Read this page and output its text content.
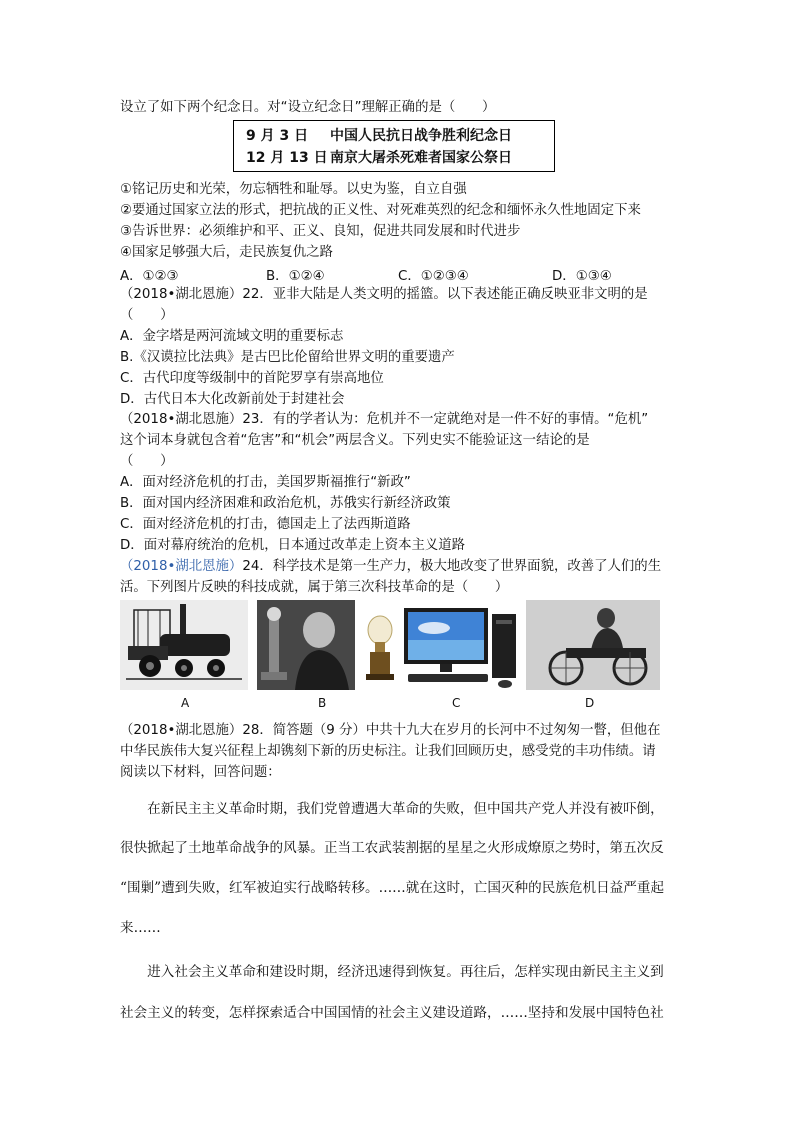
设立了如下两个纪念日。对“设立纪念日”理解正确的是（　　）
9 月 3 日 中国人民抗日战争胜利纪念日
12 月 13 日 南京大屠杀死难者国家公祭日
①铭记历史和光荣，勿忘牺牲和耻辱。以史为鉴，自立自强
②要通过国家立法的形式，把抗战的正义性、对死难英烈的纪念和缅怀永久性地固定下来
③告诉世界：必须维护和平、正义、良知，促进共同发展和时代进步
④国家足够强大后，走民族复仇之路
A．①②③	B．①②④	C．①②③④	D．①③④
（2018•湖北恩施）22．亚非大陆是人类文明的摇篮。以下表述能正确反映亚非文明的是
（　　）
A．金字塔是两河流域文明的重要标志
B.《汉谟拉比法典》是古巴比伦留给世界文明的重要遗产
C．古代印度等级制中的首陀罗享有崇高地位
D．古代日本大化改新前处于封建社会
（2018•湖北恩施）23．有的学者认为：危机并不一定就绝对是一件不好的事情。“危机”
这个词本身就包含着“危害”和“机会”两层含义。下列史实不能验证这一结论的是
（　　）
A．面对经济危机的打击，美国罗斯福推行“新政”
B．面对国内经济困难和政治危机，苏俄实行新经济政策
C．面对经济危机的打击，德国走上了法西斯道路
D．面对幕府统治的危机，日本通过改革走上资本主义道路
（2018•湖北恩施）24．科学技术是第一生产力，极大地改变了世界面貌，改善了人们的生
活。下列图片反映的科技成就，属于第三次科技革命的是（　　）
A	B	C	D
（2018•湖北恩施）28．简答题（9 分）中共十九大在岁月的长河中不过匆匆一瞥，但他在
中华民族伟大复兴征程上却镌刻下新的历史标注。让我们回顾历史，感受党的丰功伟绩。请
阅读以下材料，回答问题：
　　在新民主主义革命时期，我们党曾遭遇大革命的失败，但中国共产党人并没有被吓倒，
很快掀起了土地革命战争的风暴。正当工农武装割据的星星之火形成燎原之势时，第五次反
“围剿”遭到失败，红军被迫实行战略转移。……就在这时，亡国灭种的民族危机日益严重起
来……
　　进入社会主义革命和建设时期，经济迅速得到恢复。再往后，怎样实现由新民主主义到
社会主义的转变，怎样探索适合中国国情的社会主义建设道路，……坚持和发展中国特色社
